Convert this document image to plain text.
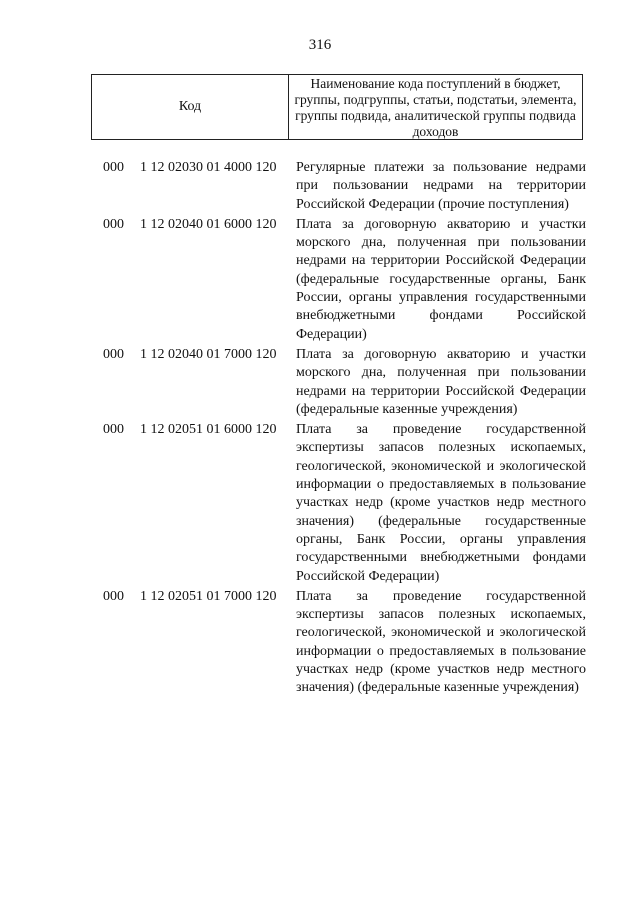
316
Код
Наименование кода поступлений в бюджет, группы, подгруппы, статьи, подстатьи, элемента, группы подвида, аналитической группы подвида доходов
000 1 12 02030 01 4000 120 Регулярные платежи за пользование недрами при пользовании недрами на территории Российской Федерации (прочие поступления)
000 1 12 02040 01 6000 120 Плата за договорную акваторию и участки морского дна, полученная при пользовании недрами на территории Российской Федерации (федеральные государственные органы, Банк России, органы управления государственными внебюджетными фондами Российской Федерации)
000 1 12 02040 01 7000 120 Плата за договорную акваторию и участки морского дна, полученная при пользовании недрами на территории Российской Федерации (федеральные казенные учреждения)
000 1 12 02051 01 6000 120 Плата за проведение государственной экспертизы запасов полезных ископаемых, геологической, экономической и экологической информации о предоставляемых в пользование участках недр (кроме участков недр местного значения) (федеральные государственные органы, Банк России, органы управления государственными внебюджетными фондами Российской Федерации)
000 1 12 02051 01 7000 120 Плата за проведение государственной экспертизы запасов полезных ископаемых, геологической, экономической и экологической информации о предоставляемых в пользование участках недр (кроме участков недр местного значения) (федеральные казенные учреждения)
